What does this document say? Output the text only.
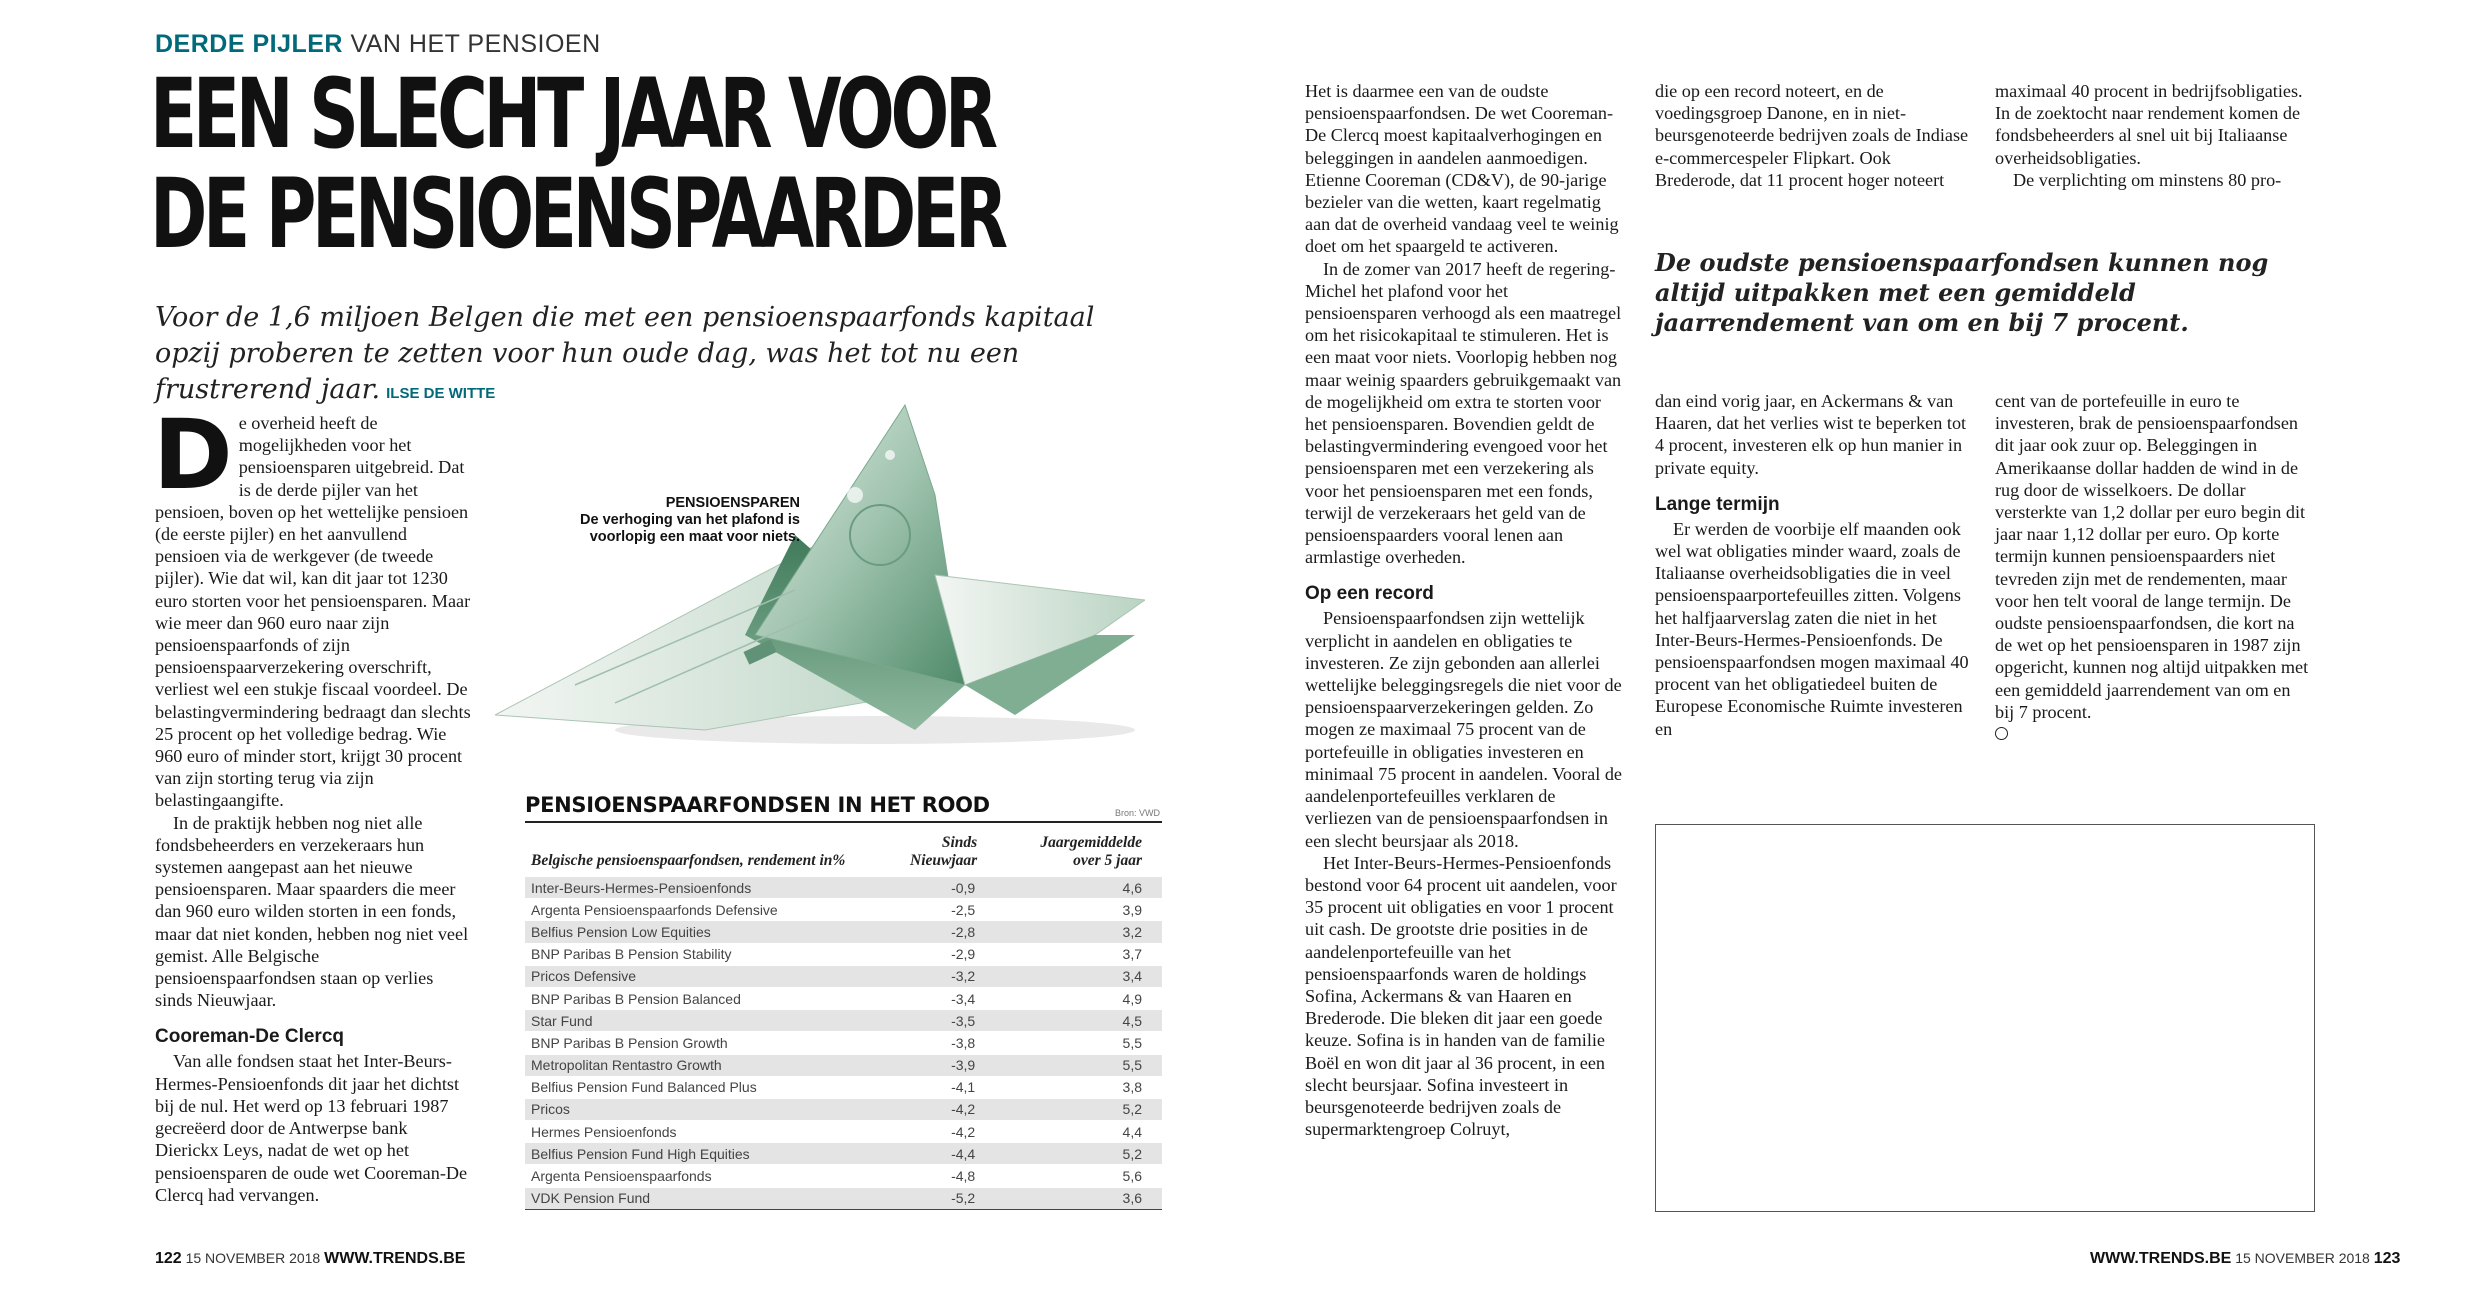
DERDE PIJLER VAN HET PENSIOEN
EEN SLECHT JAAR VOOR
DE PENSIOENSPAARDER
Voor de 1,6 miljoen Belgen die met een pensioenspaarfonds kapitaal opzij proberen te zetten voor hun oude dag, was het tot nu een frustrerend jaar. ILSE DE WITTE

De overheid heeft de mogelijkheden voor het pensioensparen uitgebreid. Dat is de derde pijler van het pensioen, boven op het wettelijke pensioen (de eerste pijler) en het aanvullend pensioen via de werkgever (de tweede pijler). Wie dat wil, kan dit jaar tot 1230 euro storten voor het pensioensparen. Maar wie meer dan 960 euro naar zijn pensioenspaarfonds of zijn pensioenspaarverzekering overschrift, verliest wel een stukje fiscaal voordeel. De belastingvermindering bedraagt dan slechts 25 procent op het volledige bedrag. Wie 960 euro of minder stort, krijgt 30 procent van zijn storting terug via zijn belastingaangifte.

In de praktijk hebben nog niet alle fondsbeheerders en verzekeraars hun systemen aangepast aan het nieuwe pensioensparen. Maar spaarders die meer dan 960 euro wilden storten in een fonds, maar dat niet konden, hebben nog niet veel gemist. Alle Belgische pensioenspaarfondsen staan op verlies sinds Nieuwjaar.

Cooreman-De Clercq

Van alle fondsen staat het Inter-Beurs-Hermes-Pensioenfonds dit jaar het dichtst bij de nul. Het werd op 13 februari 1987 gecreëerd door de Antwerpse bank Dierickx Leys, nadat de wet op het pensioensparen de oude wet Cooreman-De Clercq had vervangen.

PENSIOENSPAREN
De verhoging van het plafond is voorlopig een maat voor niets.
PENSIOENSPAARFONDSEN IN HET ROOD	Bron: VWD
Belgische pensioenspaarfondsen, rendement in%	Sinds Nieuwjaar	Jaargemiddelde over 5 jaar
Inter-Beurs-Hermes-Pensioenfonds	-0,9	4,6
Argenta Pensioenspaarfonds Defensive	-2,5	3,9
Belfius Pension Low Equities	-2,8	3,2
BNP Paribas B Pension Stability	-2,9	3,7
Pricos Defensive	-3,2	3,4
BNP Paribas B Pension Balanced	-3,4	4,9
Star Fund	-3,5	4,5
BNP Paribas B Pension Growth	-3,8	5,5
Metropolitan Rentastro Growth	-3,9	5,5
Belfius Pension Fund Balanced Plus	-4,1	3,8
Pricos	-4,2	5,2
Hermes Pensioenfonds	-4,2	4,4
Belfius Pension Fund High Equities	-4,4	5,2
Argenta Pensioenspaarfonds	-4,8	5,6
VDK Pension Fund	-5,2	3,6

Het is daarmee een van de oudste pensioenspaarfondsen. De wet Cooreman-De Clercq moest kapitaalverhogingen en beleggingen in aandelen aanmoedigen. Etienne Cooreman (CD&V), de 90-jarige bezieler van die wetten, kaart regelmatig aan dat de overheid vandaag veel te weinig doet om het spaargeld te activeren.

In de zomer van 2017 heeft de regering-Michel het plafond voor het pensioensparen verhoogd als een maatregel om het risicokapitaal te stimuleren. Het is een maat voor niets. Voorlopig hebben nog maar weinig spaarders gebruikgemaakt van de mogelijkheid om extra te storten voor het pensioensparen. Bovendien geldt de belastingvermindering evengoed voor het pensioensparen met een verzekering als voor het pensioensparen met een fonds, terwijl de verzekeraars het geld van de pensioenspaarders vooral lenen aan armlastige overheden.

Op een record

Pensioenspaarfondsen zijn wettelijk verplicht in aandelen en obligaties te investeren. Ze zijn gebonden aan allerlei wettelijke beleggingsregels die niet voor de pensioenspaarverzekeringen gelden. Zo mogen ze maximaal 75 procent van de portefeuille in obligaties investeren en minimaal 75 procent in aandelen. Vooral de aandelenportefeuilles verklaren de verliezen van de pensioenspaarfondsen in een slecht beursjaar als 2018.

Het Inter-Beurs-Hermes-Pensioenfonds bestond voor 64 procent uit aandelen, voor 35 procent uit obligaties en voor 1 procent uit cash. De grootste drie posities in de aandelenportefeuille van het pensioenspaarfonds waren de holdings Sofina, Ackermans & van Haaren en Brederode. Die bleken dit jaar een goede keuze. Sofina is in handen van de familie Boël en won dit jaar al 36 procent, in een slecht beursjaar. Sofina investeert in beursgenoteerde bedrijven zoals de supermarktengroep Colruyt,

die op een record noteert, en de voedingsgroep Danone, en in niet-beursgenoteerde bedrijven zoals de Indiase e-commercespeler Flipkart. Ook Brederode, dat 11 procent hoger noteert

maximaal 40 procent in bedrijfsobligaties. In de zoektocht naar rendement komen de fondsbeheerders al snel uit bij Italiaanse overheidsobligaties.

De verplichting om minstens 80 pro-

De oudste pensioenspaarfondsen kunnen nog altijd uitpakken met een gemiddeld jaarrendement van om en bij 7 procent.

dan eind vorig jaar, en Ackermans & van Haaren, dat het verlies wist te beperken tot 4 procent, investeren elk op hun manier in private equity.

Lange termijn

Er werden de voorbije elf maanden ook wel wat obligaties minder waard, zoals de Italiaanse overheidsobligaties die in veel pensioenspaarportefeuilles zitten. Volgens het halfjaarverslag zaten die niet in het Inter-Beurs-Hermes-Pensioenfonds. De pensioenspaarfondsen mogen maximaal 40 procent van het obligatiedeel buiten de Europese Economische Ruimte investeren en

cent van de portefeuille in euro te investeren, brak de pensioenspaarfondsen dit jaar ook zuur op. Beleggingen in Amerikaanse dollar hadden de wind in de rug door de wisselkoers. De dollar versterkte van 1,2 dollar per euro begin dit jaar naar 1,12 dollar per euro. Op korte termijn kunnen pensioenspaarders niet tevreden zijn met de rendementen, maar voor hen telt vooral de lange termijn. De oudste pensioenspaarfondsen, die kort na de wet op het pensioensparen in 1987 zijn opgericht, kunnen nog altijd uitpakken met een gemiddeld jaarrendement van om en bij 7 procent.

122 15 NOVEMBER 2018 WWW.TRENDS.BE	WWW.TRENDS.BE 15 NOVEMBER 2018 123
